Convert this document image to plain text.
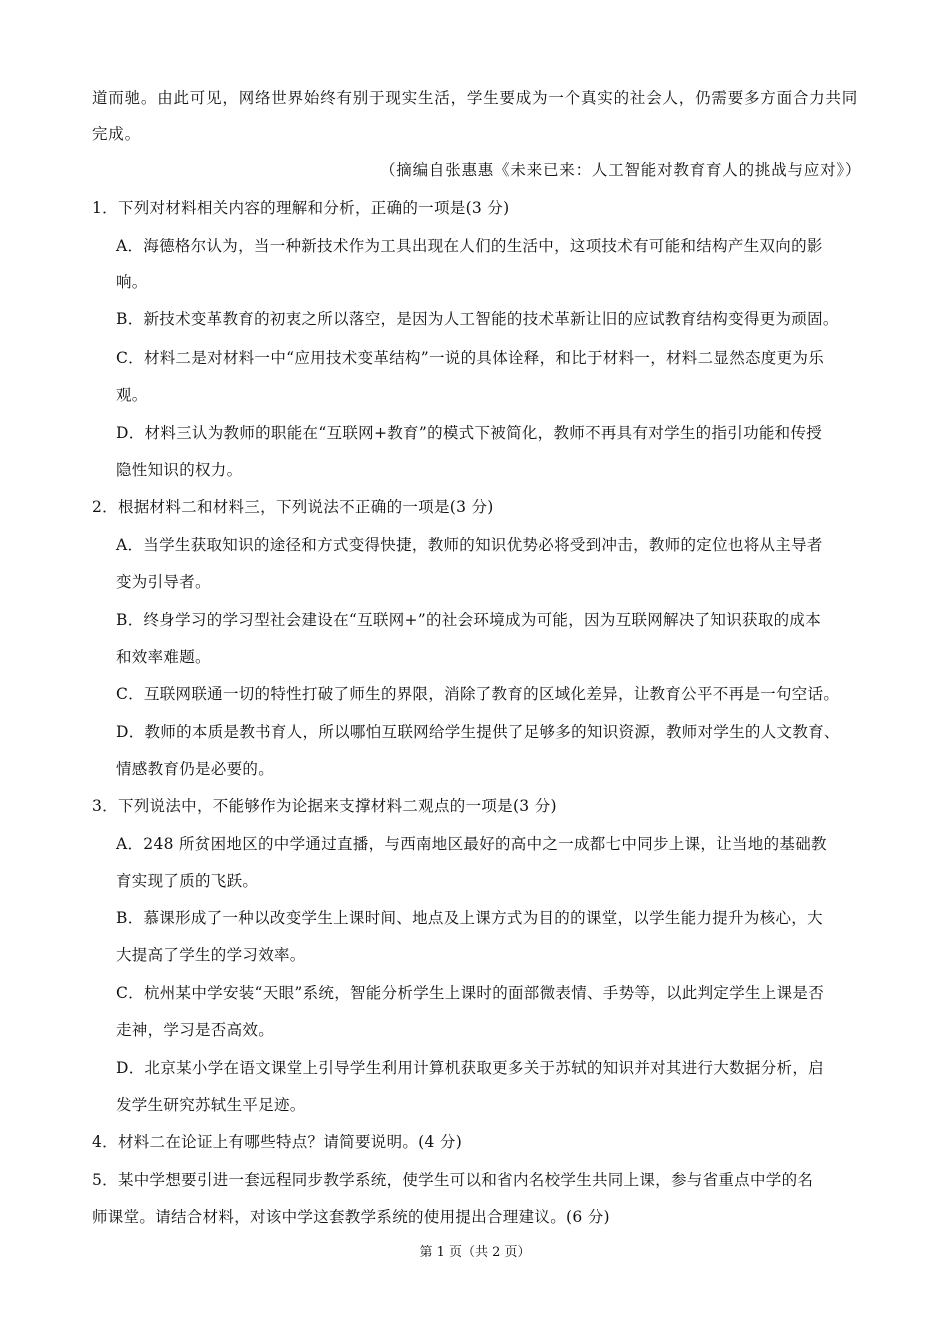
道而驰。由此可见，网络世界始终有别于现实生活，学生要成为一个真实的社会人，仍需要多方面合力共同
完成。
（摘编自张惠惠《未来已来：人工智能对教育育人的挑战与应对》）
1．下列对材料相关内容的理解和分析，正确的一项是(3 分)
A．海德格尔认为，当一种新技术作为工具出现在人们的生活中，这项技术有可能和结构产生双向的影
响。
B．新技术变革教育的初衷之所以落空，是因为人工智能的技术革新让旧的应试教育结构变得更为顽固。
C．材料二是对材料一中“应用技术变革结构”一说的具体诠释，和比于材料一，材料二显然态度更为乐
观。
D．材料三认为教师的职能在“互联网+教育”的模式下被简化，教师不再具有对学生的指引功能和传授
隐性知识的权力。
2．根据材料二和材料三，下列说法不正确的一项是(3 分)
A．当学生获取知识的途径和方式变得快捷，教师的知识优势必将受到冲击，教师的定位也将从主导者
变为引导者。
B．终身学习的学习型社会建设在“互联网+”的社会环境成为可能，因为互联网解决了知识获取的成本
和效率难题。
C．互联网联通一切的特性打破了师生的界限，消除了教育的区域化差异，让教育公平不再是一句空话。
D．教师的本质是教书育人，所以哪怕互联网给学生提供了足够多的知识资源，教师对学生的人文教育、
情感教育仍是必要的。
3．下列说法中，不能够作为论据来支撑材料二观点的一项是(3 分)
A．248 所贫困地区的中学通过直播，与西南地区最好的高中之一成都七中同步上课，让当地的基础教
育实现了质的飞跃。
B．慕课形成了一种以改变学生上课时间、地点及上课方式为目的的课堂，以学生能力提升为核心，大
大提高了学生的学习效率。
C．杭州某中学安装“天眼”系统，智能分析学生上课时的面部微表情、手势等，以此判定学生上课是否
走神，学习是否高效。
D．北京某小学在语文课堂上引导学生利用计算机获取更多关于苏轼的知识并对其进行大数据分析，启
发学生研究苏轼生平足迹。
4．材料二在论证上有哪些特点？请简要说明。(4 分)
5．某中学想要引进一套远程同步教学系统，使学生可以和省内名校学生共同上课，参与省重点中学的名
师课堂。请结合材料，对该中学这套教学系统的使用提出合理建议。(6 分)
第 1 页（共 2 页）
